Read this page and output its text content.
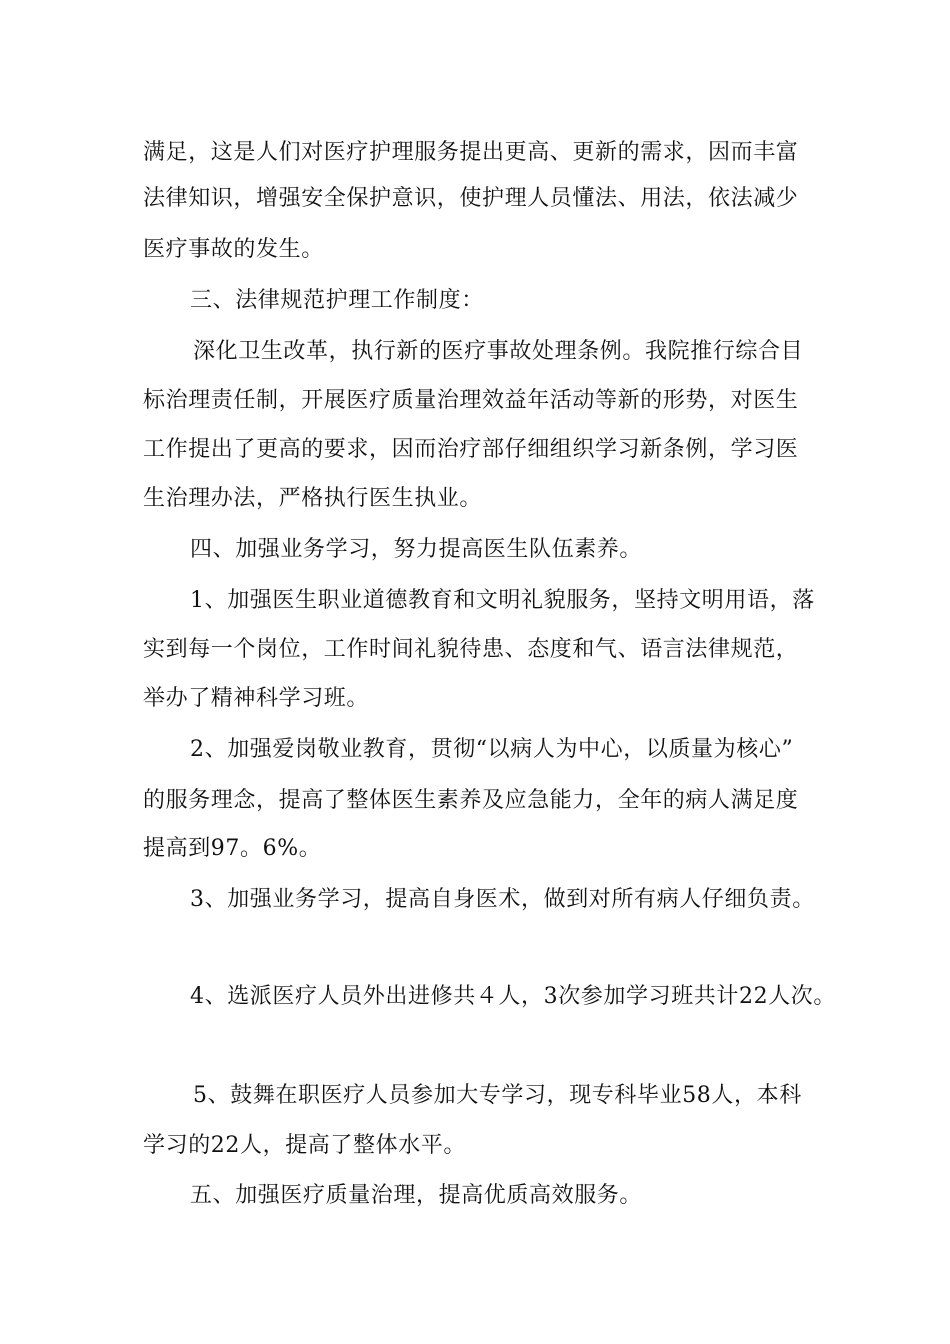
满足，这是人们对医疗护理服务提出更高、更新的需求，因而丰富
法律知识，增强安全保护意识，使护理人员懂法、用法，依法减少
医疗事故的发生。
三、法律规范护理工作制度：
深化卫生改革，执行新的医疗事故处理条例。我院推行综合目
标治理责任制，开展医疗质量治理效益年活动等新的形势，对医生
工作提出了更高的要求，因而治疗部仔细组织学习新条例，学习医
生治理办法，严格执行医生执业。
四、加强业务学习，努力提高医生队伍素养。
1、加强医生职业道德教育和文明礼貌服务，坚持文明用语，落
实到每一个岗位，工作时间礼貌待患、态度和气、语言法律规范，
举办了精神科学习班。
2、加强爱岗敬业教育，贯彻“以病人为中心，以质量为核心”
的服务理念，提高了整体医生素养及应急能力，全年的病人满足度
提高到97。6%。
3、加强业务学习，提高自身医术，做到对所有病人仔细负责。
4、选派医疗人员外出进修共４人，3次参加学习班共计22人次。
5、鼓舞在职医疗人员参加大专学习，现专科毕业58人，本科
学习的22人，提高了整体水平。
五、加强医疗质量治理，提高优质高效服务。
